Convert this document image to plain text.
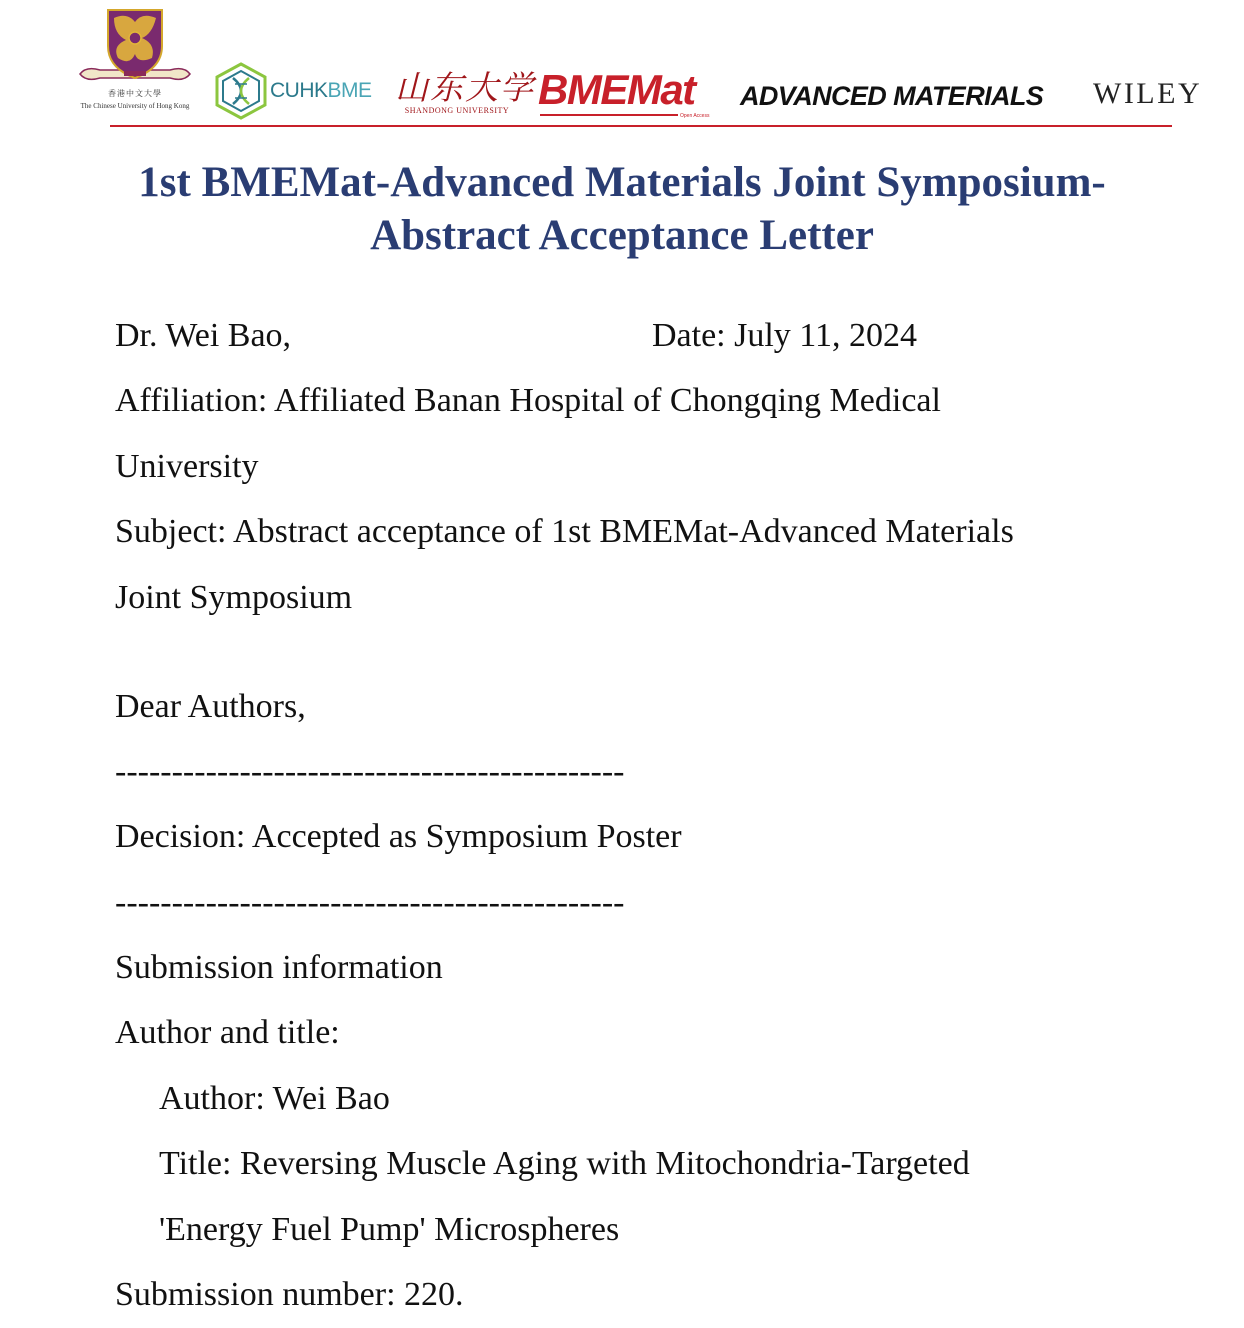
香港中文大學
The Chinese University of Hong Kong
CUHKBME 山东大学
SHANDONG UNIVERSITY BMEMat
Open Access
ADVANCED MATERIALS WILEY
1st BMEMat-Advanced Materials Joint Symposium-
Abstract Acceptance Letter
Dr. Wei Bao,	Date: July 11, 2024
Affiliation: Affiliated Banan Hospital of Chongqing Medical
University
Subject: Abstract acceptance of 1st BMEMat-Advanced Materials
Joint Symposium
Dear Authors,
---------------------------------------------
Decision: Accepted as Symposium Poster
---------------------------------------------
Submission information
Author and title:
Author: Wei Bao
Title: Reversing Muscle Aging with Mitochondria-Targeted
'Energy Fuel Pump' Microspheres
Submission number: 220.
